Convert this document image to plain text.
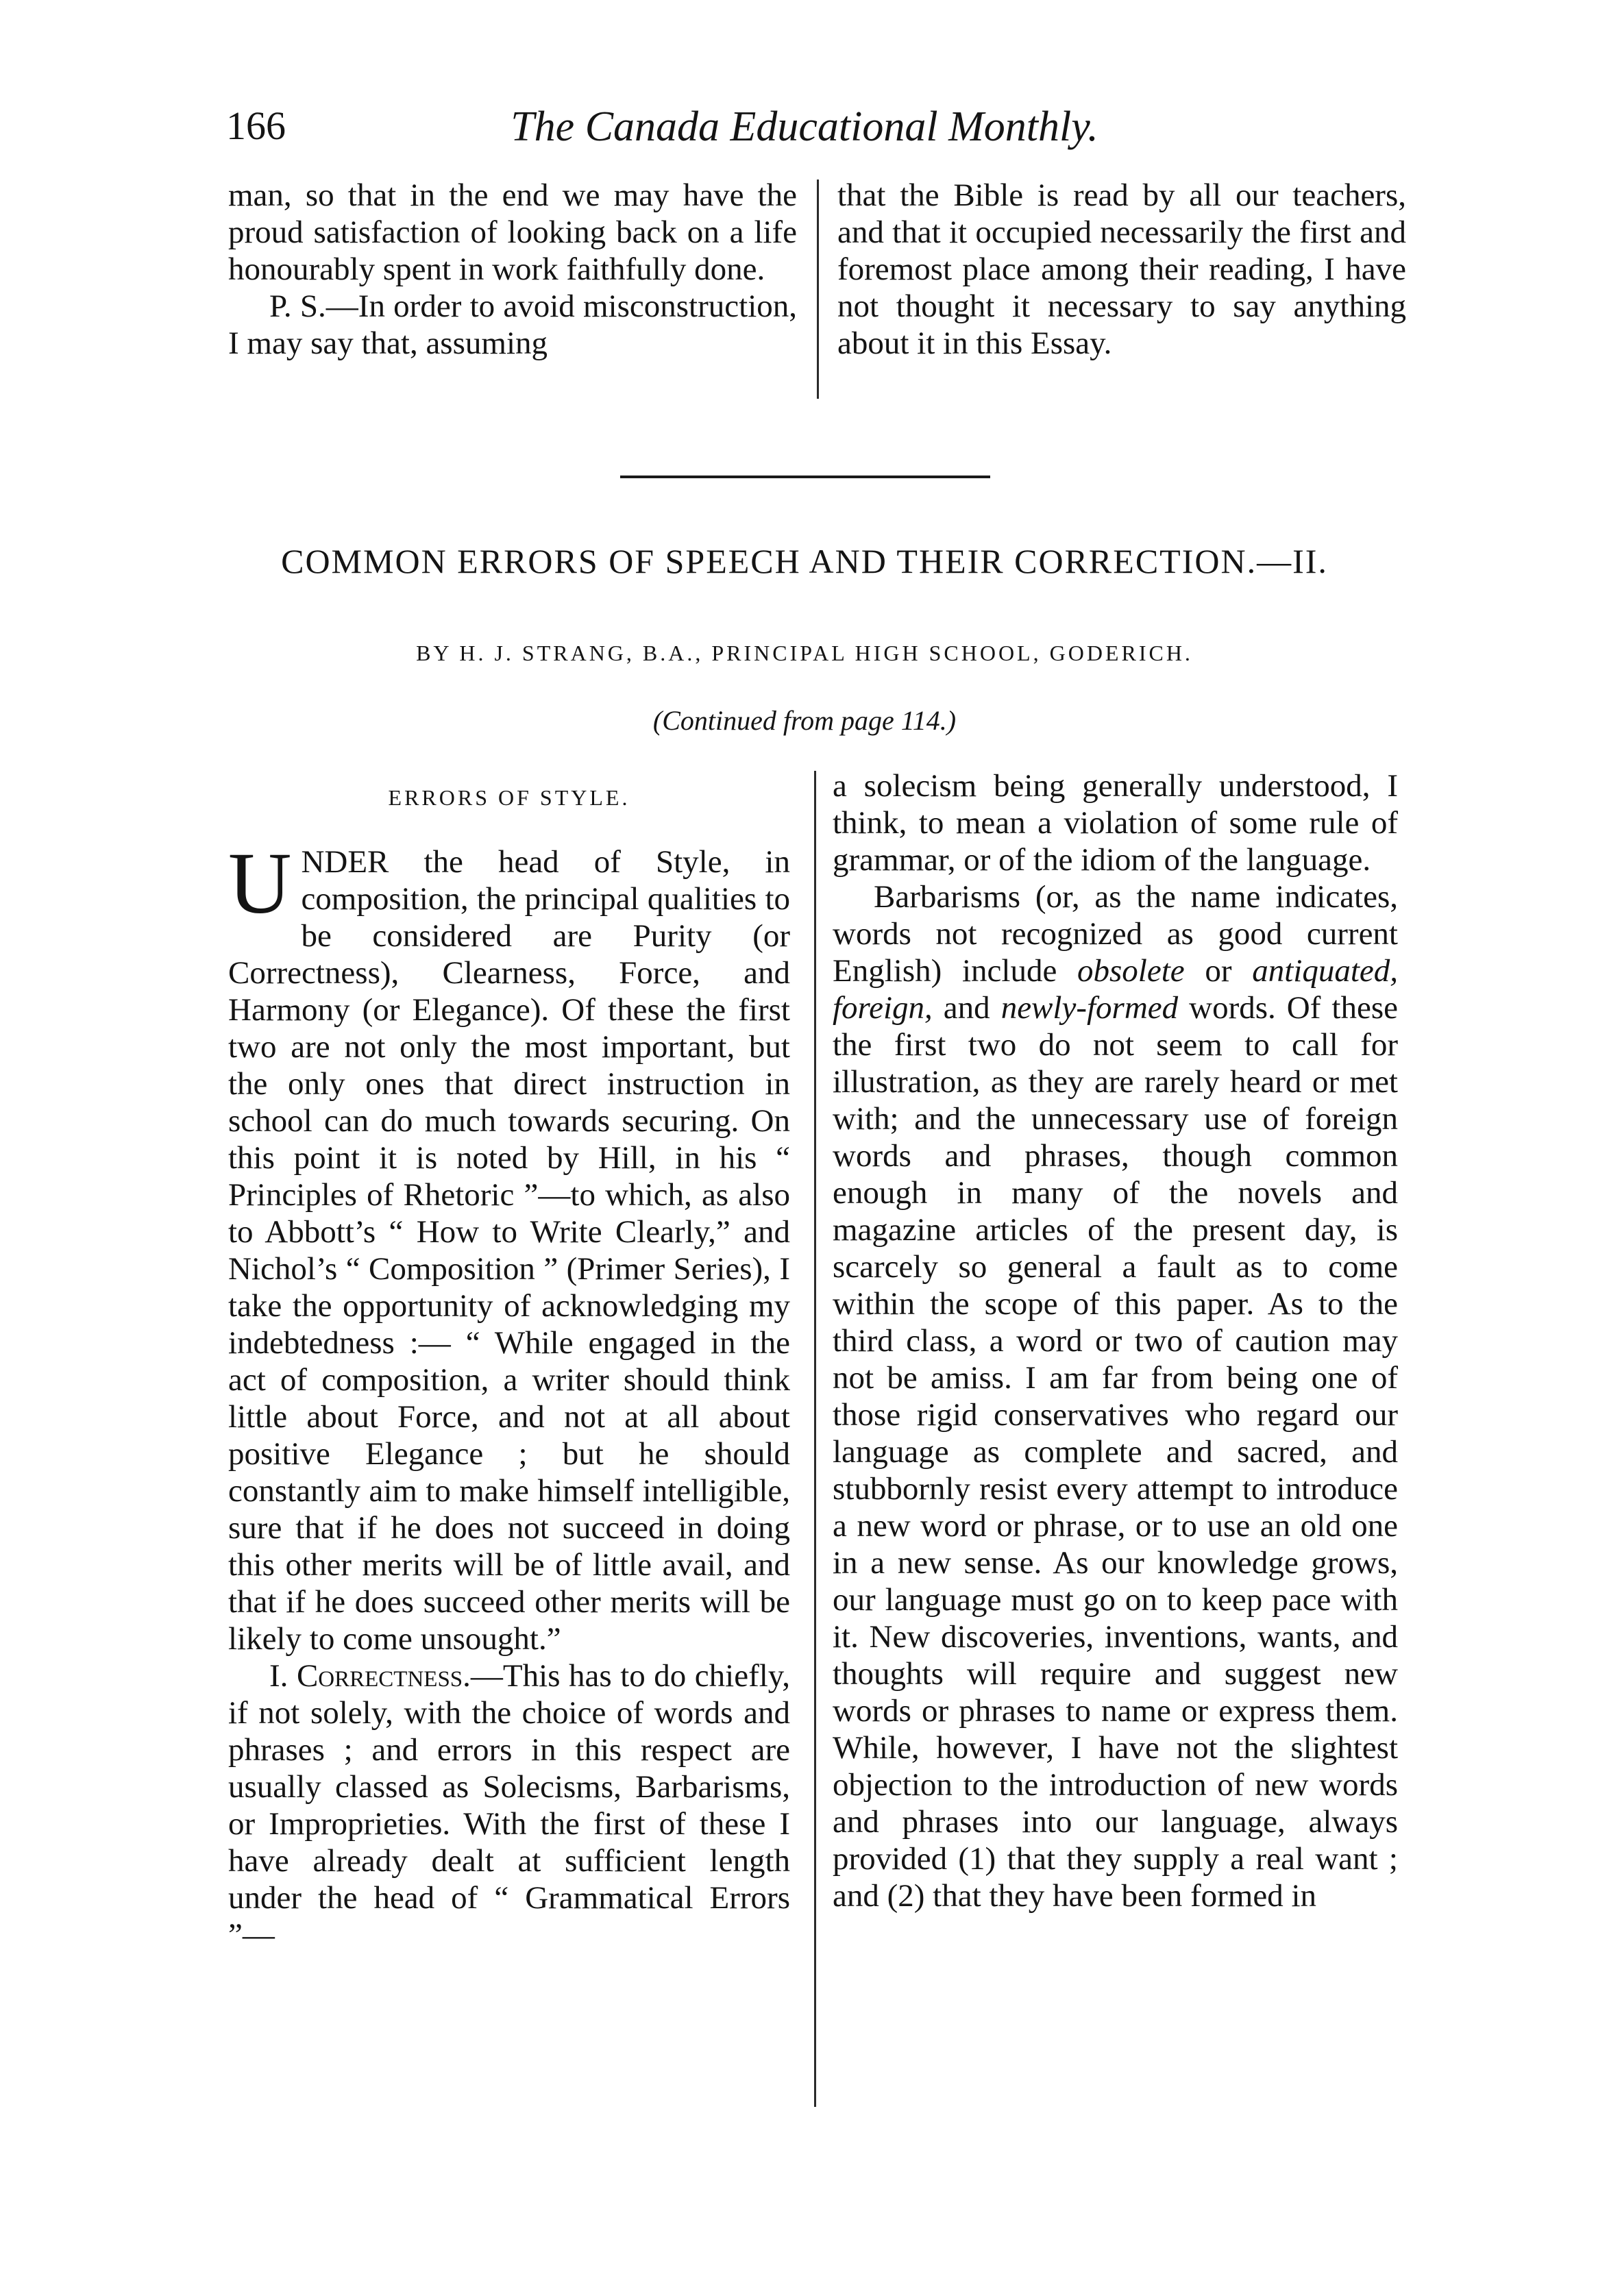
166	The Canada Educational Monthly.

man, so that in the end we may have the proud satisfaction of looking back on a life honourably spent in work faithfully done.

P. S.—In order to avoid misconstruction, I may say that, assuming

that the Bible is read by all our teachers, and that it occupied necessarily the first and foremost place among their reading, I have not thought it necessary to say anything about it in this Essay.

COMMON ERRORS OF SPEECH AND THEIR CORRECTION.—II.
BY H. J. STRANG, B.A., PRINCIPAL HIGH SCHOOL, GODERICH.
(Continued from page 114.)

ERRORS OF STYLE.

UNDER the head of Style, in composition, the principal qualities to be considered are Purity (or Correctness), Clearness, Force, and Harmony (or Elegance). Of these the first two are not only the most important, but the only ones that direct instruction in school can do much towards securing. On this point it is noted by Hill, in his “ Principles of Rhetoric ”—to which, as also to Abbott’s “ How to Write Clearly,” and Nichol’s “ Composition ” (Primer Series), I take the opportunity of acknowledging my indebtedness :— “ While engaged in the act of composition, a writer should think little about Force, and not at all about positive Elegance ; but he should constantly aim to make himself intelligible, sure that if he does not succeed in doing this other merits will be of little avail, and that if he does succeed other merits will be likely to come unsought.”

I. Correctness.—This has to do chiefly, if not solely, with the choice of words and phrases ; and errors in this respect are usually classed as Solecisms, Barbarisms, or Improprieties. With the first of these I have already dealt at sufficient length under the head of “ Grammatical Errors ”—

a solecism being generally understood, I think, to mean a violation of some rule of grammar, or of the idiom of the language.

Barbarisms (or, as the name indicates, words not recognized as good current English) include obsolete or antiquated, foreign, and newly-formed words. Of these the first two do not seem to call for illustration, as they are rarely heard or met with; and the unnecessary use of foreign words and phrases, though common enough in many of the novels and magazine articles of the present day, is scarcely so general a fault as to come within the scope of this paper. As to the third class, a word or two of caution may not be amiss. I am far from being one of those rigid conservatives who regard our language as complete and sacred, and stubbornly resist every attempt to introduce a new word or phrase, or to use an old one in a new sense. As our knowledge grows, our language must go on to keep pace with it. New discoveries, inventions, wants, and thoughts will require and suggest new words or phrases to name or express them. While, however, I have not the slightest objection to the introduction of new words and phrases into our language, always provided (1) that they supply a real want ; and (2) that they have been formed in
